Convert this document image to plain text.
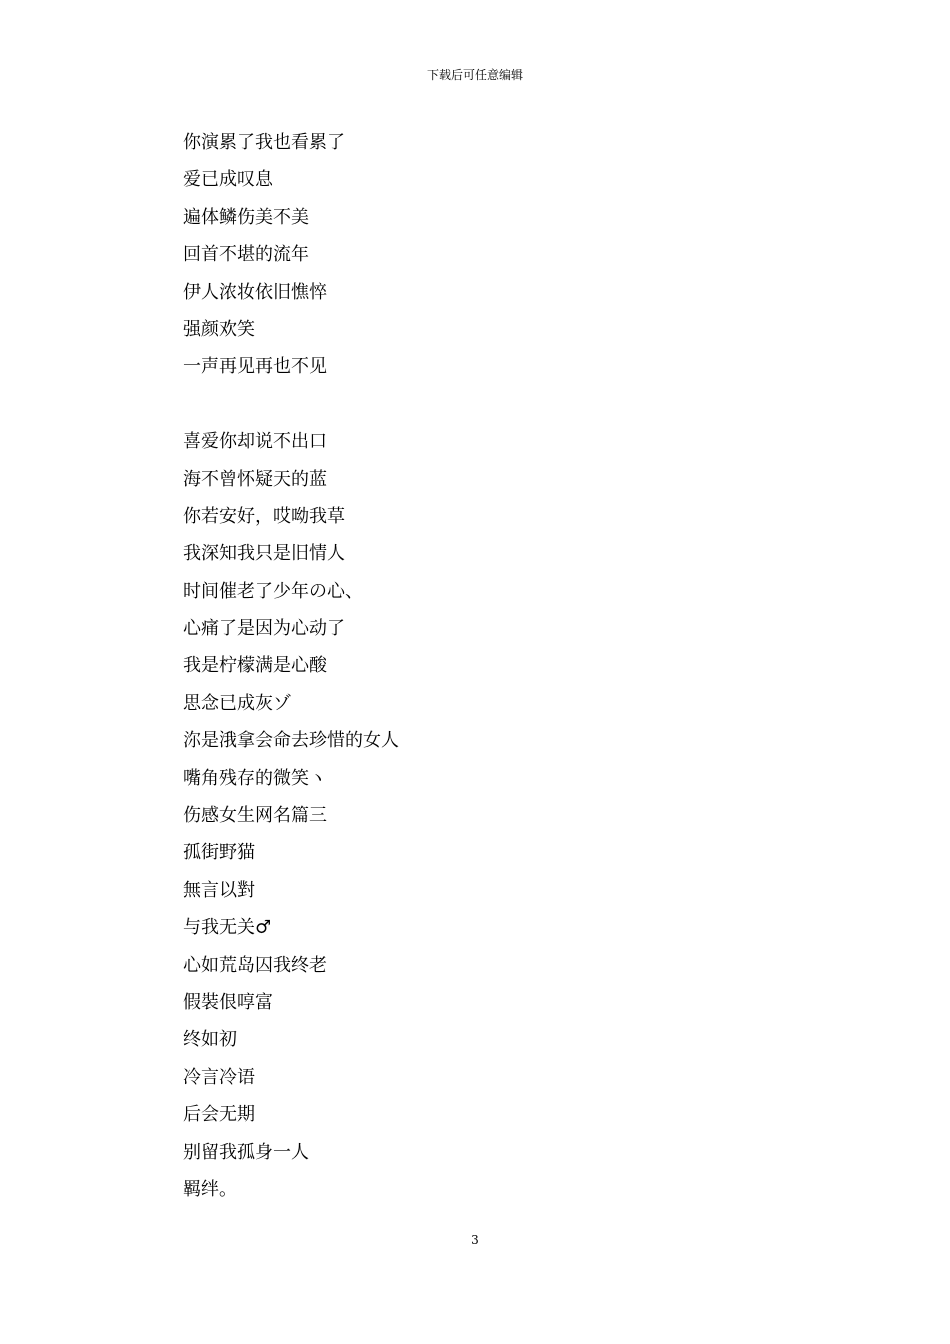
下载后可任意编辑
你演累了我也看累了
爱已成叹息
遍体鳞伤美不美
回首不堪的流年
伊人浓妆依旧憔悴
强颜欢笑
一声再见再也不见
喜爱你却说不出口
海不曾怀疑天的蓝
你若安好，哎呦我草
我深知我只是旧情人
时间催老了少年の心、
心痛了是因为心动了
我是柠檬满是心酸
思念已成灰ゾ
沵是涐拿会命去珍惜的女人
嘴角残存的微笑ヽ
伤感女生网名篇三
孤街野猫
無言以對
与我无关♂
心如荒岛囚我终老
假裝佷啍富
终如初
冷言冷语
后会无期
别留我孤身一人
羁绊。
3
